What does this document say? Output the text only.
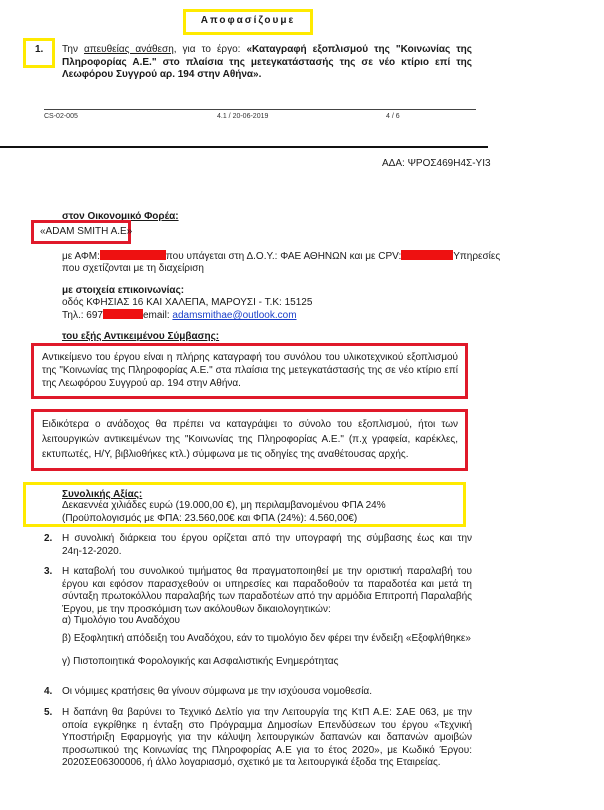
Αποφασίζουμε
1. Την απευθείας ανάθεση, για το έργο: «Καταγραφή εξοπλισμού της "Κοινωνίας της Πληροφορίας Α.Ε." στο πλαίσια της μετεγκατάστασής της σε νέο κτίριο επί της Λεωφόρου Συγγρού αρ. 194 στην Αθήνα».
CS-02-005	4.1 / 20-06-2019	4 / 6
ΑΔΑ: ΨΡΟΣ469Η4Σ-ΥΙ3
στον Οικονομικό Φορέα:
«ADAM SMITH A.E»
με ΑΦΜ:	που υπάγεται στη Δ.Ο.Υ.: ΦΑΕ ΑΘΗΝΩΝ και με CPV:	Υπηρεσίες
που σχετίζονται με τη διαχείριση
με στοιχεία επικοινωνίας:
οδός ΚΦΗΣΙΑΣ 16 ΚΑΙ ΧΑΛΕΠΑ, ΜΑΡΟΥΣΙ - Τ.Κ: 15125
Τηλ.: 697	email: adamsmithae@outlook.com
του εξής Αντικειμένου Σύμβασης:
Αντικείμενο του έργου είναι η πλήρης καταγραφή του συνόλου του υλικοτεχνικού εξοπλισμού της "Κοινωνίας της Πληροφορίας Α.Ε." στα πλαίσια της μετεγκατάστασής της σε νέο κτίριο επί της Λεωφόρου Συγγρού αρ. 194 στην Αθήνα.
Ειδικότερα ο ανάδοχος θα πρέπει να καταγράψει το σύνολο του εξοπλισμού, ήτοι των λειτουργικών αντικειμένων της "Κοινωνίας της Πληροφορίας Α.Ε." (π.χ γραφεία, καρέκλες, εκτυπωτές, Η/Υ, βιβλιοθήκες κτλ.) σύμφωνα με τις οδηγίες της αναθέτουσας αρχής.
Συνολικής Αξίας:
Δεκαεννέα χιλιάδες ευρώ (19.000,00 €), μη περιλαμβανομένου ΦΠΑ 24% (Προϋπολογισμός με ΦΠΑ: 23.560,00€ και ΦΠΑ (24%): 4.560,00€)
2. Η συνολική διάρκεια του έργου ορίζεται από την υπογραφή της σύμβασης έως και την 24η-12-2020.
3. Η καταβολή του συνολικού τιμήματος θα πραγματοποιηθεί με την οριστική παραλαβή του έργου και εφόσον παρασχεθούν οι υπηρεσίες και παραδοθούν τα παραδοτέα και μετά τη σύνταξη πρωτοκόλλου παραλαβής των παραδοτέων από την αρμόδια Επιτροπή Παραλαβής Έργου, με την προσκόμιση των ακόλουθων δικαιολογητικών:
α) Τιμολόγιο του Αναδόχου
β) Εξοφλητική απόδειξη του Αναδόχου, εάν το τιμολόγιο δεν φέρει την ένδειξη «Εξοφλήθηκε»
γ) Πιστοποιητικά Φορολογικής και Ασφαλιστικής Ενημερότητας
4. Οι νόμιμες κρατήσεις θα γίνουν σύμφωνα με την ισχύουσα νομοθεσία.
5. Η δαπάνη θα βαρύνει το Τεχνικό Δελτίο για την Λειτουργία της ΚτΠ Α.Ε: ΣΑΕ 063, με την οποία εγκρίθηκε η ένταξη στο Πρόγραμμα Δημοσίων Επενδύσεων του έργου «Τεχνική Υποστήριξη Εφαρμογής για την κάλυψη λειτουργικών δαπανών και δαπανών αμοιβών προσωπικού της Κοινωνίας της Πληροφορίας Α.Ε για το έτος 2020», με Κωδικό Έργου: 2020ΣΕ06300006, ή άλλο λογαριασμό, σχετικό με τα λειτουργικά έξοδα της Εταιρείας.
